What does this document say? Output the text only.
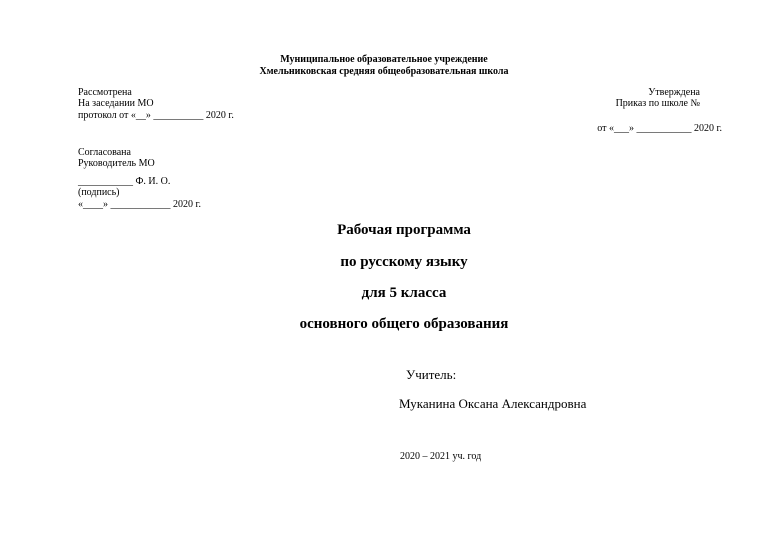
Муниципальное образовательное учреждение
Хмельниковская средняя общеобразовательная школа
Рассмотрена
На заседании МО
протокол от «__» __________ 2020 г.
Утверждена
Приказ по школе №
от «___» ___________ 2020 г.
Согласована
Руководитель МО
___________ Ф. И. О.
(подпись)
«____» ____________ 2020 г.
Рабочая программа
по русскому языку
для 5 класса
основного общего образования
Учитель:
Муканина Оксана Александровна
2020 – 2021 уч. год
